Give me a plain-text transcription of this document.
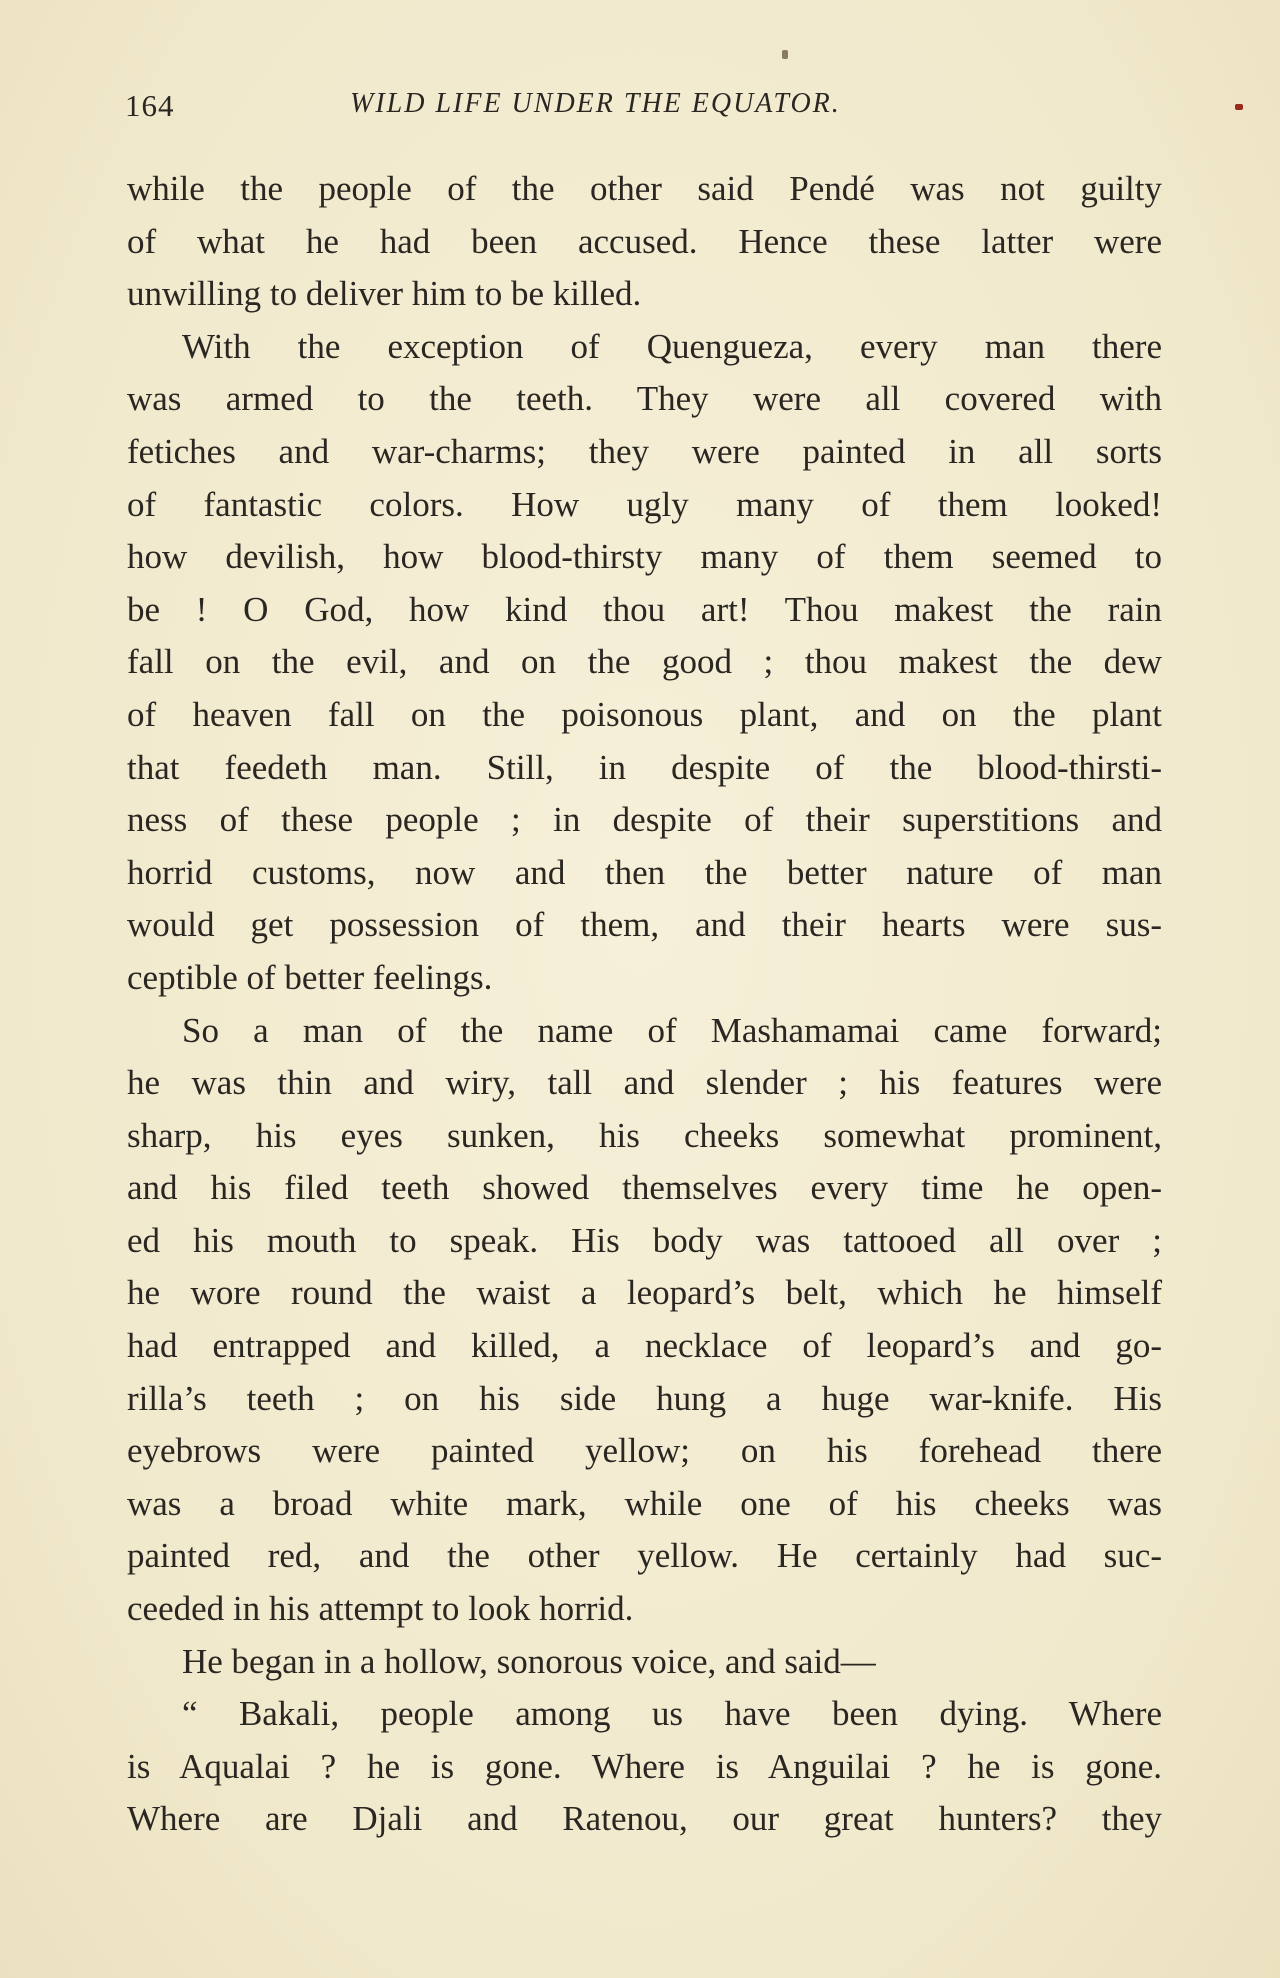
164	WILD LIFE UNDER THE EQUATOR.
while the people of the other said Pendé was not guilty
of what he had been accused. Hence these latter were
unwilling to deliver him to be killed.
With the exception of Quengueza, every man there
was armed to the teeth. They were all covered with
fetiches and war-charms; they were painted in all sorts
of fantastic colors. How ugly many of them looked!
how devilish, how blood-thirsty many of them seemed to
be ! O God, how kind thou art! Thou makest the rain
fall on the evil, and on the good ; thou makest the dew
of heaven fall on the poisonous plant, and on the plant
that feedeth man. Still, in despite of the blood-thirsti-
ness of these people ; in despite of their superstitions and
horrid customs, now and then the better nature of man
would get possession of them, and their hearts were sus-
ceptible of better feelings.
So a man of the name of Mashamamai came forward;
he was thin and wiry, tall and slender ; his features were
sharp, his eyes sunken, his cheeks somewhat prominent,
and his filed teeth showed themselves every time he open-
ed his mouth to speak. His body was tattooed all over ;
he wore round the waist a leopard’s belt, which he himself
had entrapped and killed, a necklace of leopard’s and go-
rilla’s teeth ; on his side hung a huge war-knife. His
eyebrows were painted yellow; on his forehead there
was a broad white mark, while one of his cheeks was
painted red, and the other yellow. He certainly had suc-
ceeded in his attempt to look horrid.
He began in a hollow, sonorous voice, and said—
“ Bakali, people among us have been dying. Where
is Aqualai ? he is gone. Where is Anguilai ? he is gone.
Where are Djali and Ratenou, our great hunters? they
